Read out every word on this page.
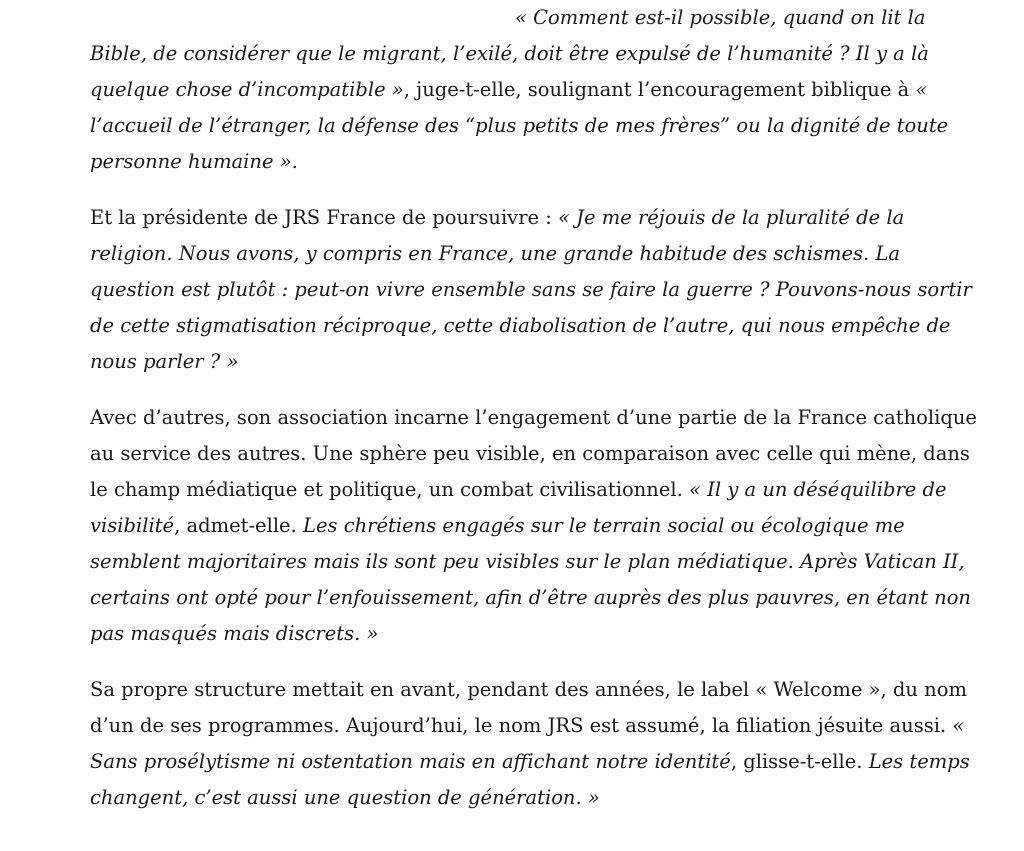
« Comment est-il possible, quand on lit la Bible, de considérer que le migrant, l’exilé, doit être expulsé de l’humanité ? Il y a là quelque chose d’incompatible », juge-t-elle, soulignant l’encouragement biblique à « l’accueil de l’étranger, la défense des “plus petits de mes frères” ou la dignité de toute personne humaine ».

Et la présidente de JRS France de poursuivre : « Je me réjouis de la pluralité de la religion. Nous avons, y compris en France, une grande habitude des schismes. La question est plutôt : peut-on vivre ensemble sans se faire la guerre ? Pouvons-nous sortir de cette stigmatisation réciproque, cette diabolisation de l’autre, qui nous empêche de nous parler ? »

Avec d’autres, son association incarne l’engagement d’une partie de la France catholique au service des autres. Une sphère peu visible, en comparaison avec celle qui mène, dans le champ médiatique et politique, un combat civilisationnel. « Il y a un déséquilibre de visibilité, admet-elle. Les chrétiens engagés sur le terrain social ou écologique me semblent majoritaires mais ils sont peu visibles sur le plan médiatique. Après Vatican II, certains ont opté pour l’enfouissement, afin d’être auprès des plus pauvres, en étant non pas masqués mais discrets. »

Sa propre structure mettait en avant, pendant des années, le label « Welcome », du nom d’un de ses programmes. Aujourd’hui, le nom JRS est assumé, la filiation jésuite aussi. « Sans prosélytisme ni ostentation mais en affichant notre identité, glisse-t-elle. Les temps changent, c’est aussi une question de génération. »
